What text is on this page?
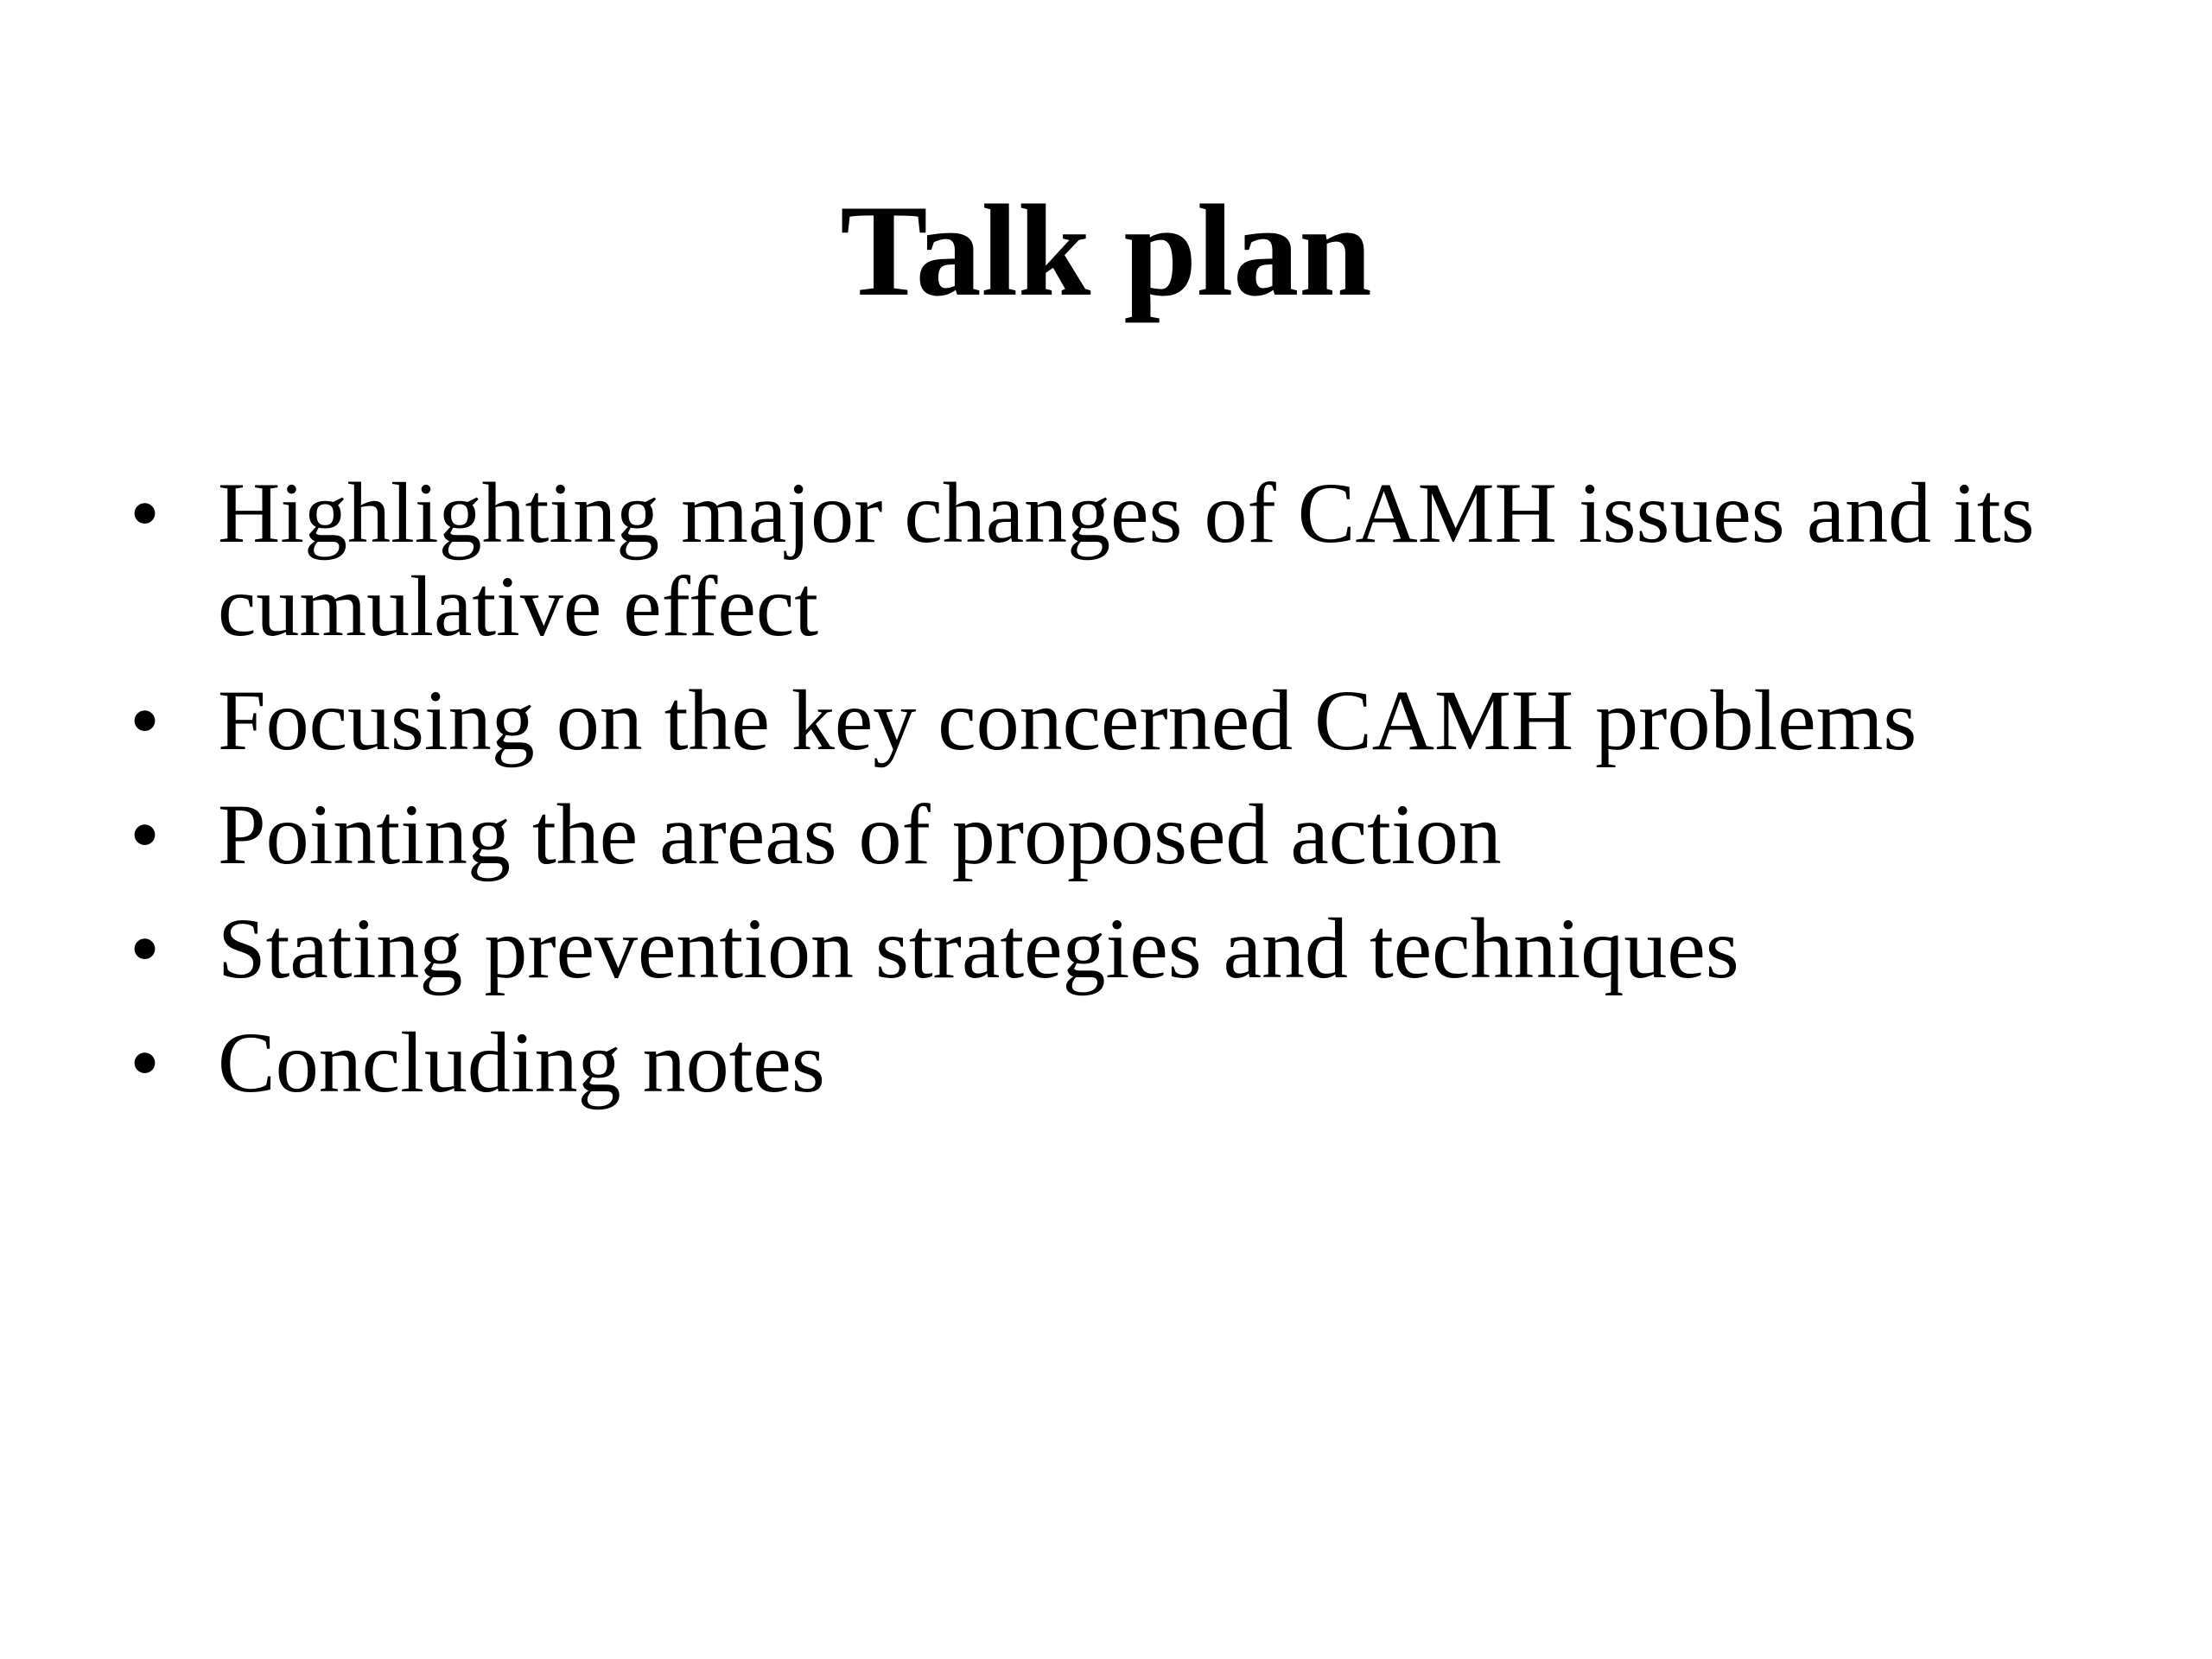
Talk plan
• Highlighting major changes of CAMH issues and its cumulative effect
• Focusing on the key concerned CAMH problems
• Pointing the areas of proposed action
• Stating prevention strategies and techniques
• Concluding notes
